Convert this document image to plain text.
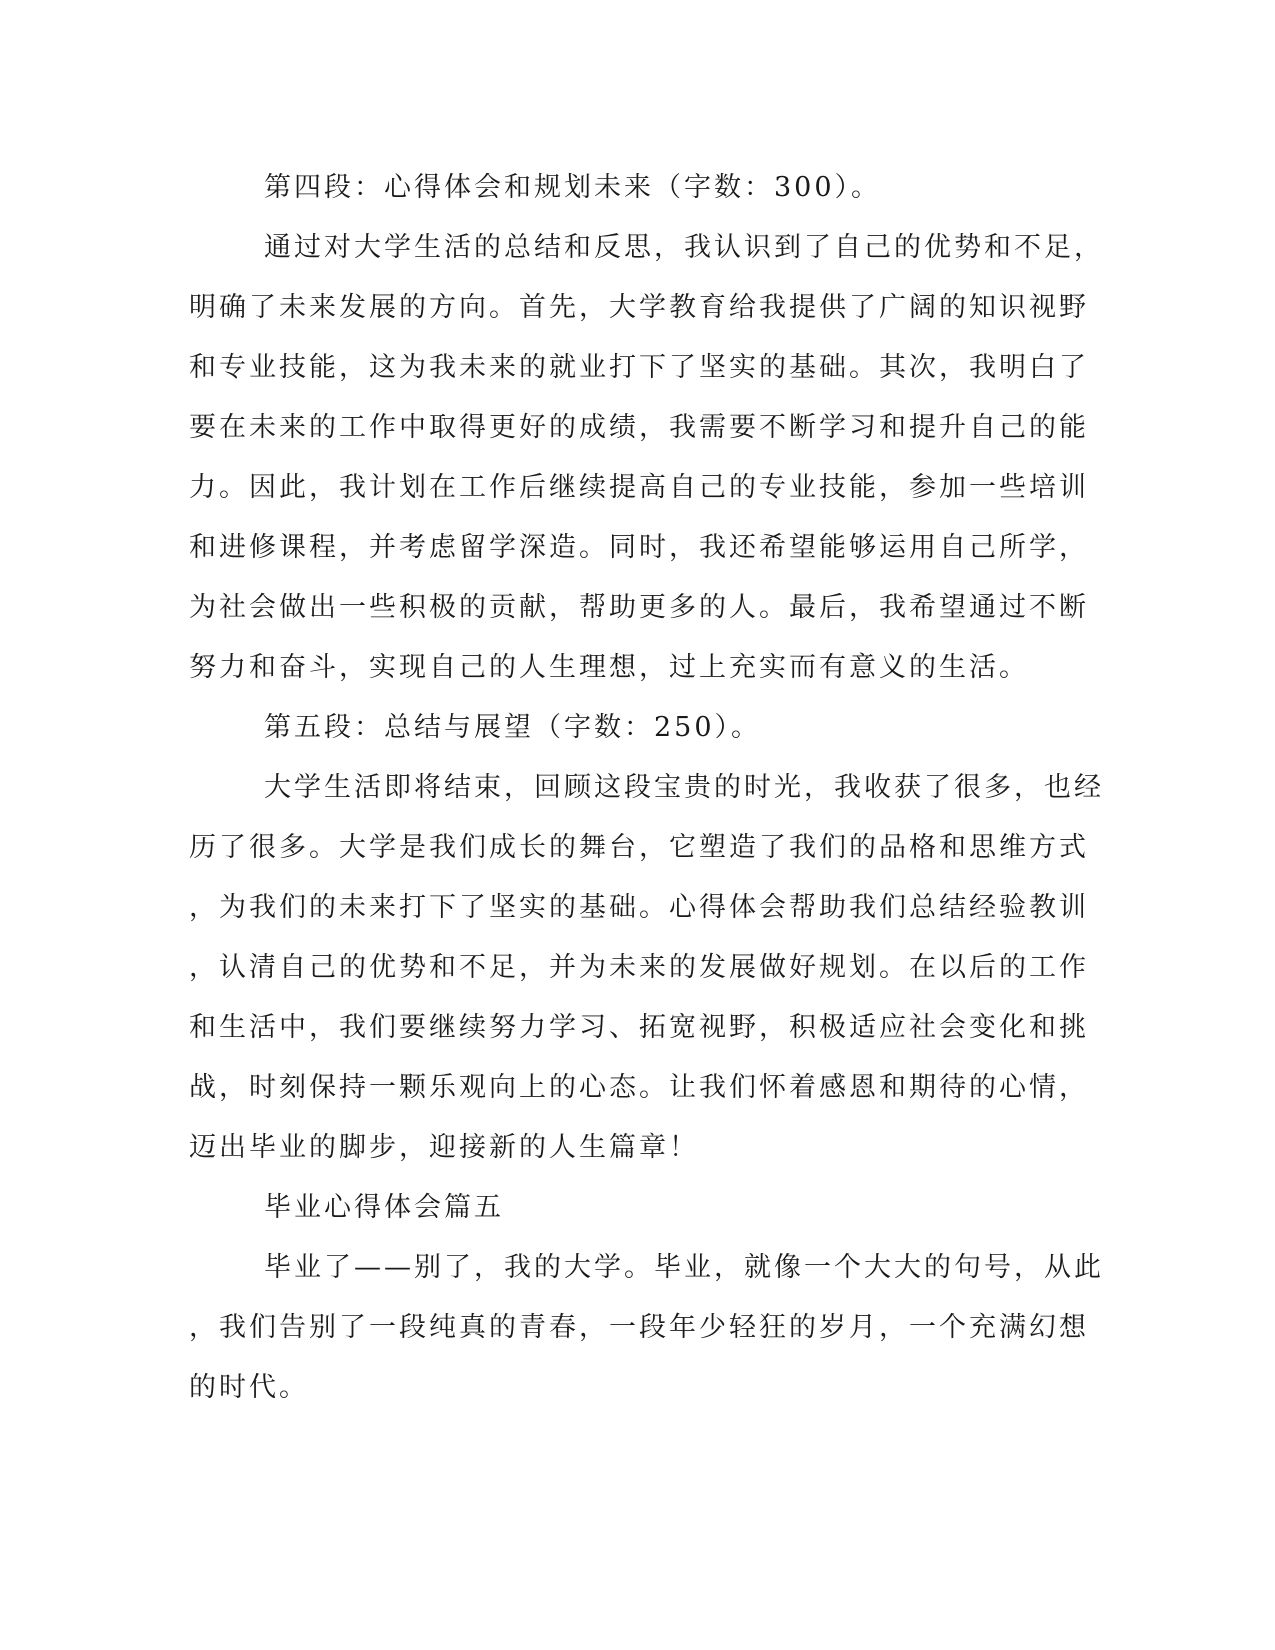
第四段：心得体会和规划未来（字数：300）。

通过对大学生活的总结和反思，我认识到了自己的优势和不足，

明确了未来发展的方向。首先，大学教育给我提供了广阔的知识视野

和专业技能，这为我未来的就业打下了坚实的基础。其次，我明白了

要在未来的工作中取得更好的成绩，我需要不断学习和提升自己的能

力。因此，我计划在工作后继续提高自己的专业技能，参加一些培训

和进修课程，并考虑留学深造。同时，我还希望能够运用自己所学，

为社会做出一些积极的贡献，帮助更多的人。最后，我希望通过不断

努力和奋斗，实现自己的人生理想，过上充实而有意义的生活。

第五段：总结与展望（字数：250）。

大学生活即将结束，回顾这段宝贵的时光，我收获了很多，也经

历了很多。大学是我们成长的舞台，它塑造了我们的品格和思维方式

，为我们的未来打下了坚实的基础。心得体会帮助我们总结经验教训

，认清自己的优势和不足，并为未来的发展做好规划。在以后的工作

和生活中，我们要继续努力学习、拓宽视野，积极适应社会变化和挑

战，时刻保持一颗乐观向上的心态。让我们怀着感恩和期待的心情，

迈出毕业的脚步，迎接新的人生篇章！

毕业心得体会篇五

毕业了——别了，我的大学。毕业，就像一个大大的句号，从此

，我们告别了一段纯真的青春，一段年少轻狂的岁月，一个充满幻想

的时代。
